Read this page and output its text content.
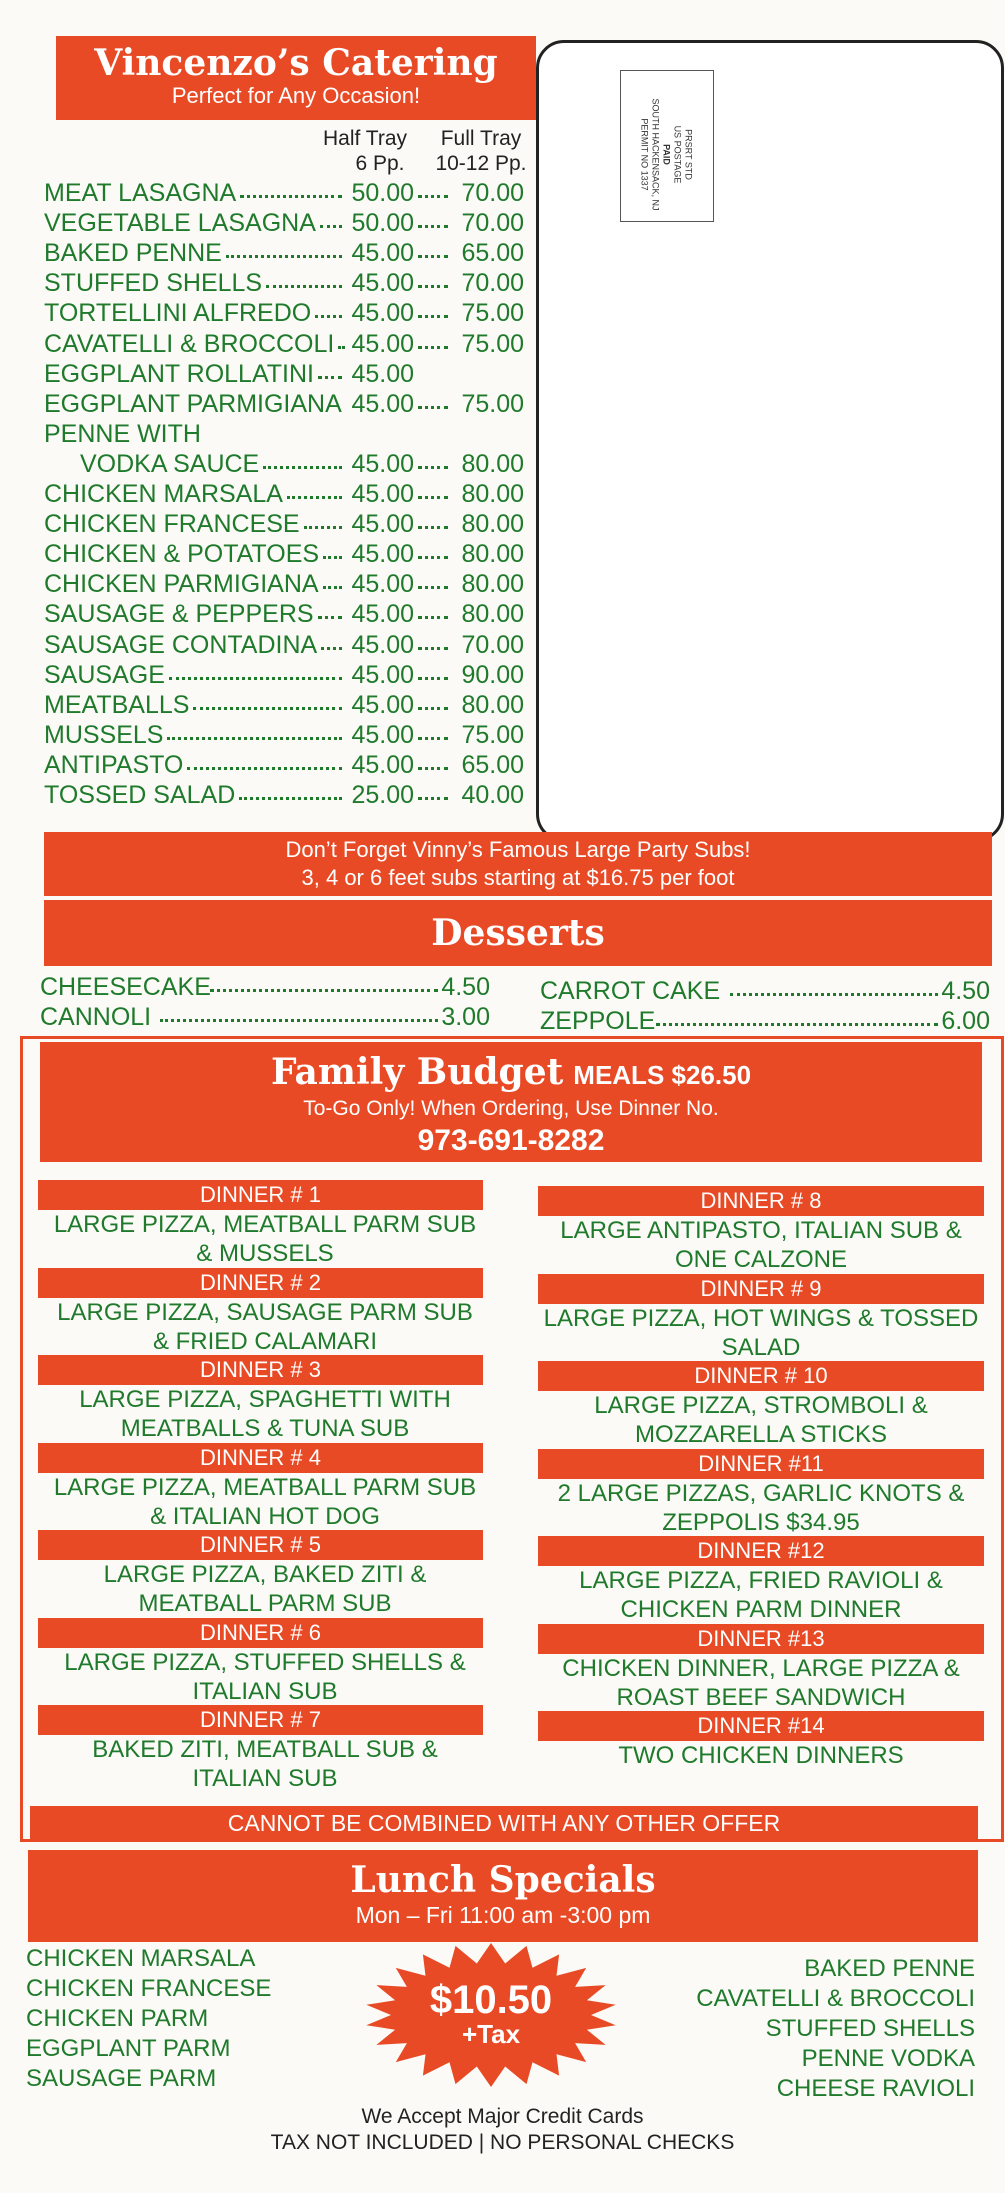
Vincenzo’s Catering
Perfect for Any Occasion!
Half Tray
6 Pp.
Full Tray
10-12 Pp.
MEAT LASAGNA	50.00	70.00
VEGETABLE LASAGNA 50.00	70.00
BAKED PENNE	45.00	65.00
STUFFED SHELLS	45.00	70.00
TORTELLINI ALFREDO 45.00	75.00
CAVATELLI & BROCCOLI 45.00	75.00
EGGPLANT ROLLATINI 45.00
EGGPLANT PARMIGIANA 45.00	75.00
PENNE WITH
VODKA SAUCE	45.00	80.00
CHICKEN MARSALA	45.00	80.00
CHICKEN FRANCESE 45.00	80.00
CHICKEN & POTATOES 45.00	80.00
CHICKEN PARMIGIANA 45.00	80.00
SAUSAGE & PEPPERS 45.00	80.00
SAUSAGE CONTADINA 45.00	70.00
SAUSAGE	45.00	90.00
MEATBALLS	45.00	80.00
MUSSELS	45.00	75.00
ANTIPASTO	45.00	65.00
TOSSED SALAD	25.00	40.00
PRSRT STD
US POSTAGE
PAID
SOUTH HACKENSACK, NJ
PERMIT NO 1337
Don’t Forget Vinny’s Famous Large Party Subs!
3, 4 or 6 feet subs starting at $16.75 per foot
Desserts
CHEESECAKE	4.50
CANNOLI	3.00
CARROT CAKE	4.50
ZEPPOLE	6.00
Family Budget MEALS $26.50
To-Go Only! When Ordering, Use Dinner No.
973-691-8282
DINNER # 1
LARGE PIZZA, MEATBALL PARM SUB
& MUSSELS
DINNER # 2
LARGE PIZZA, SAUSAGE PARM SUB
& FRIED CALAMARI
DINNER # 3
LARGE PIZZA, SPAGHETTI WITH
MEATBALLS & TUNA SUB
DINNER # 4
LARGE PIZZA, MEATBALL PARM SUB
& ITALIAN HOT DOG
DINNER # 5
LARGE PIZZA, BAKED ZITI &
MEATBALL PARM SUB
DINNER # 6
LARGE PIZZA, STUFFED SHELLS &
ITALIAN SUB
DINNER # 7
BAKED ZITI, MEATBALL SUB &
ITALIAN SUB
DINNER # 8
LARGE ANTIPASTO, ITALIAN SUB &
ONE CALZONE
DINNER # 9
LARGE PIZZA, HOT WINGS & TOSSED
SALAD
DINNER # 10
LARGE PIZZA, STROMBOLI &
MOZZARELLA STICKS
DINNER #11
2 LARGE PIZZAS, GARLIC KNOTS &
ZEPPOLIS $34.95
DINNER #12
LARGE PIZZA, FRIED RAVIOLI &
CHICKEN PARM DINNER
DINNER #13
CHICKEN DINNER, LARGE PIZZA &
ROAST BEEF SANDWICH
DINNER #14
TWO CHICKEN DINNERS
CANNOT BE COMBINED WITH ANY OTHER OFFER
Lunch Specials
Mon – Fri 11:00 am -3:00 pm
CHICKEN MARSALA
CHICKEN FRANCESE
CHICKEN PARM
EGGPLANT PARM
SAUSAGE PARM
BAKED PENNE
CAVATELLI & BROCCOLI
STUFFED SHELLS
PENNE VODKA
CHEESE RAVIOLI
$10.50
+Tax
We Accept Major Credit Cards
TAX NOT INCLUDED | NO PERSONAL CHECKS
